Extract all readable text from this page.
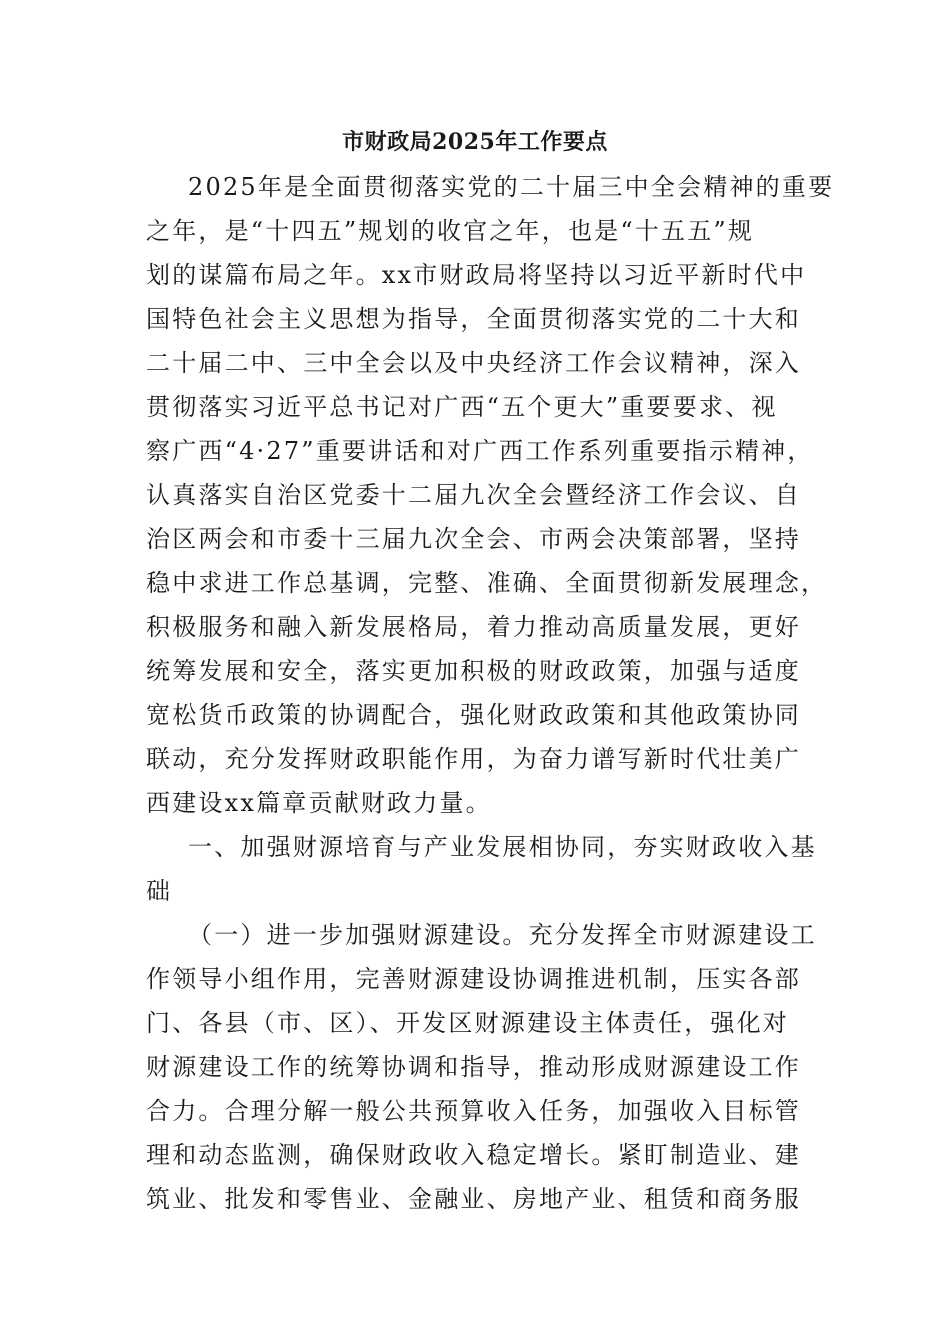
市财政局2025年工作要点
2025年是全面贯彻落实党的二十届三中全会精神的重要
之年，是“十四五”规划的收官之年，也是“十五五”规
划的谋篇布局之年。xx市财政局将坚持以习近平新时代中
国特色社会主义思想为指导，全面贯彻落实党的二十大和
二十届二中、三中全会以及中央经济工作会议精神，深入
贯彻落实习近平总书记对广西“五个更大”重要要求、视
察广西“4·27”重要讲话和对广西工作系列重要指示精神，
认真落实自治区党委十二届九次全会暨经济工作会议、自
治区两会和市委十三届九次全会、市两会决策部署，坚持
稳中求进工作总基调，完整、准确、全面贯彻新发展理念，
积极服务和融入新发展格局，着力推动高质量发展，更好
统筹发展和安全，落实更加积极的财政政策，加强与适度
宽松货币政策的协调配合，强化财政政策和其他政策协同
联动，充分发挥财政职能作用，为奋力谱写新时代壮美广
西建设xx篇章贡献财政力量。
一、加强财源培育与产业发展相协同，夯实财政收入基
础
（一）进一步加强财源建设。充分发挥全市财源建设工
作领导小组作用，完善财源建设协调推进机制，压实各部
门、各县（市、区）、开发区财源建设主体责任，强化对
财源建设工作的统筹协调和指导，推动形成财源建设工作
合力。合理分解一般公共预算收入任务，加强收入目标管
理和动态监测，确保财政收入稳定增长。紧盯制造业、建
筑业、批发和零售业、金融业、房地产业、租赁和商务服
